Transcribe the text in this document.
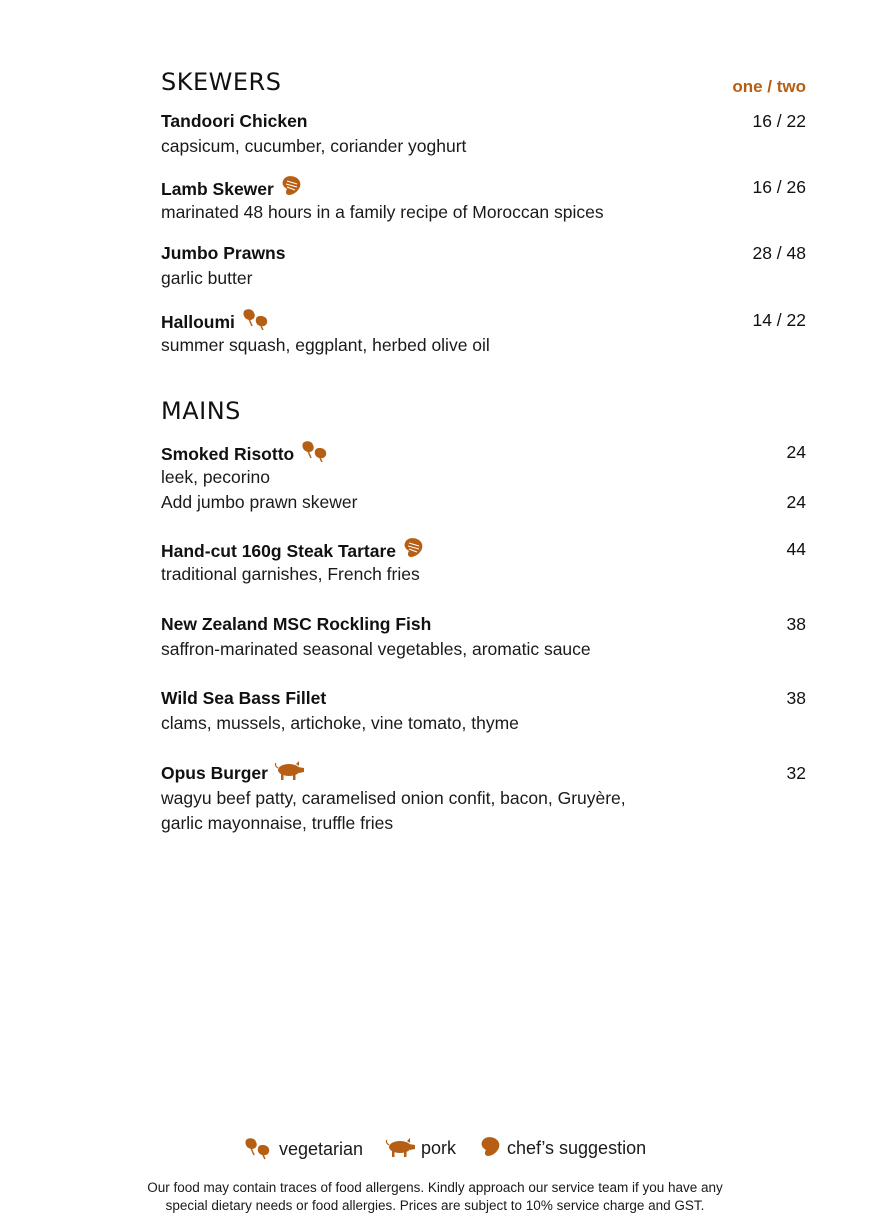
SKEWERS	one / two
Tandoori Chicken	16 / 22
capsicum, cucumber, coriander yoghurt
Lamb Skewer	16 / 26
marinated 48 hours in a family recipe of Moroccan spices
Jumbo Prawns	28 / 48
garlic butter
Halloumi	14 / 22
summer squash, eggplant, herbed olive oil
MAINS
Smoked Risotto	24
leek, pecorino
Add jumbo prawn skewer	24
Hand-cut 160g Steak Tartare	44
traditional garnishes, French fries
New Zealand MSC Rockling Fish	38
saffron-marinated seasonal vegetables, aromatic sauce
Wild Sea Bass Fillet	38
clams, mussels, artichoke, vine tomato, thyme
Opus Burger	32
wagyu beef patty, caramelised onion confit, bacon, Gruyère,
garlic mayonnaise, truffle fries
vegetarian	pork	chef’s suggestion
Our food may contain traces of food allergens. Kindly approach our service team if you have any
special dietary needs or food allergies. Prices are subject to 10% service charge and GST.
